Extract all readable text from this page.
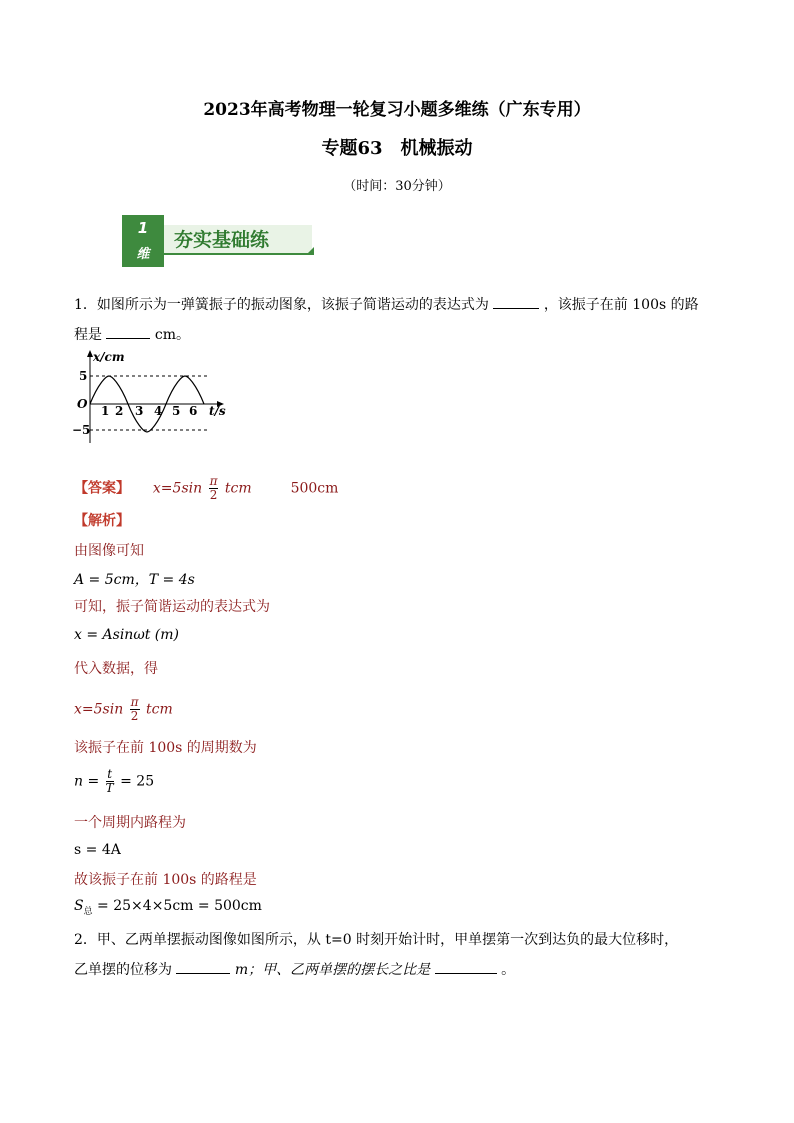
2023年高考物理一轮复习小题多维练（广东专用）
专题63　机械振动
（时间：30分钟）
1
维
夯实基础练
1．如图所示为一弹簧振子的振动图象，该振子简谐运动的表达式为	，该振子在前 100s 的路
程是	cm。
x/cm
t/s
O
5
−5
1 2 3 4 5 6
【答案】 $x=5\sin \frac{\pi}{2}$ tcm	500cm
【解析】
由图像可知
A = 5cm，T = 4s
可知，振子简谐运动的表达式为
x = Asinωt (m)
代入数据，得
$x=5\sin \frac{\pi}{2}$ tcm
该振子在前 100s 的周期数为
$n = \frac{t}{T} = 25$
一个周期内路程为
s = 4A
故该振子在前 100s 的路程是
$S_总 = 25\times 4\times 5cm = 500cm$
2．甲、乙两单摆振动图像如图所示，从 t=0 时刻开始计时，甲单摆第一次到达负的最大位移时，
乙单摆的位移为	m；甲、乙两单摆的摆长之比是	。
